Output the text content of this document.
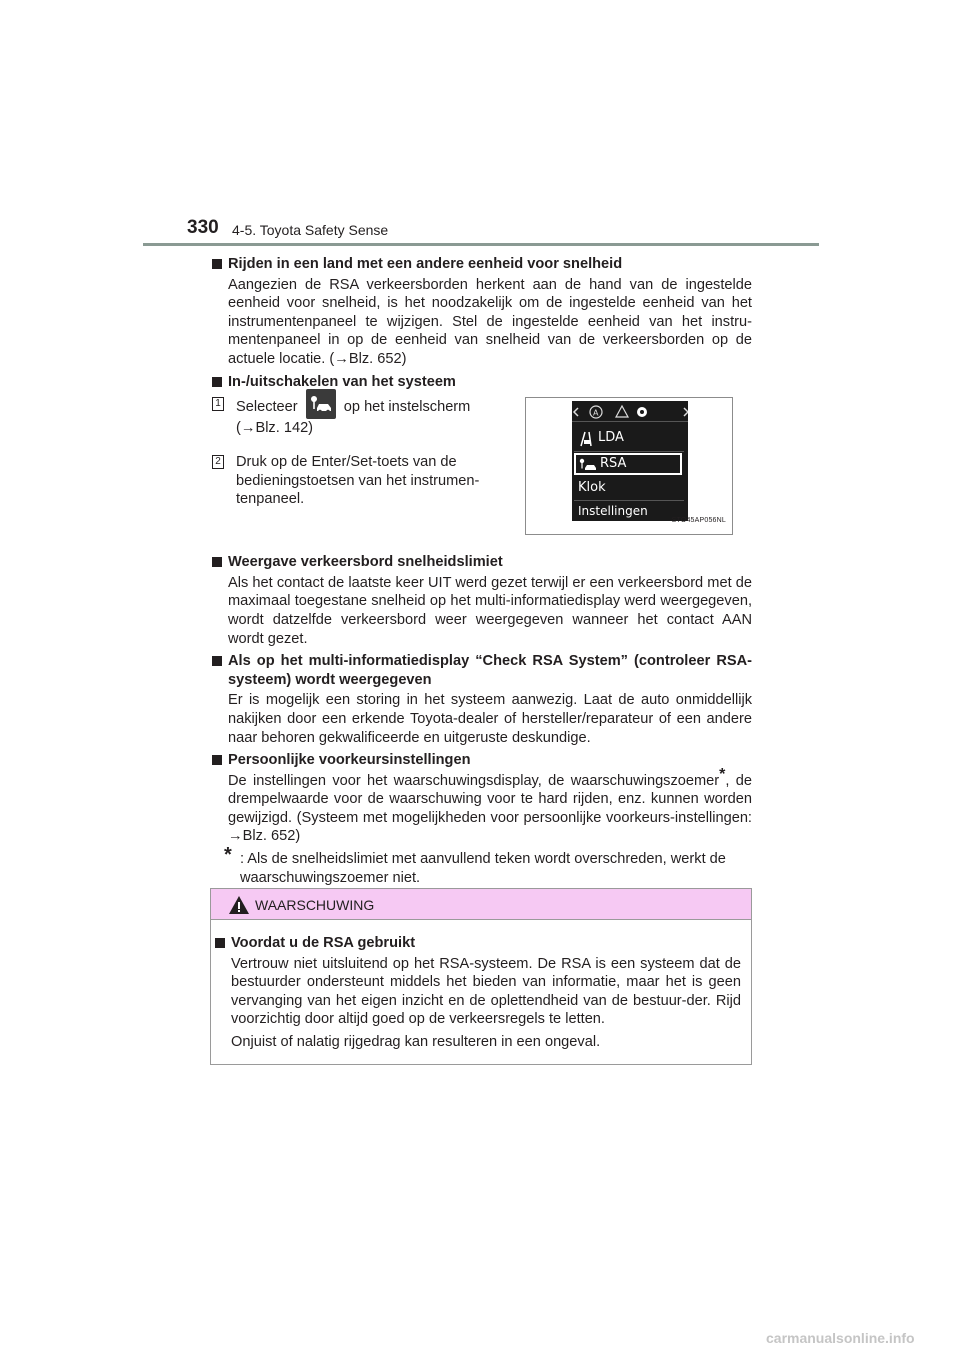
330 4-5. Toyota Safety Sense
Rijden in een land met een andere eenheid voor snelheid

Aangezien de RSA verkeersborden herkent aan de hand van de ingestelde eenheid voor snelheid, is het noodzakelijk om de ingestelde eenheid van het instrumentenpaneel te wijzigen. Stel de ingestelde eenheid van het instru-mentenpaneel in op de eenheid van snelheid van de verkeersborden op de actuele locatie. (→Blz. 652)

In-/uitschakelen van het systeem
1	Selecteer	op het instelscherm
(→Blz. 142)
2	Druk op de Enter/Set-toets van de bedieningstoetsen van het instrumen-tenpaneel.
Weergave verkeersbord snelheidslimiet

Als het contact de laatste keer UIT werd gezet terwijl er een verkeersbord met de maximaal toegestane snelheid op het multi-informatiedisplay werd weergegeven, wordt datzelfde verkeersbord weer weergegeven wanneer het contact AAN wordt gezet.

Als op het multi-informatiedisplay “Check RSA System” (controleer RSA-systeem) wordt weergegeven

Er is mogelijk een storing in het systeem aanwezig. Laat de auto onmiddellijk nakijken door een erkende Toyota-dealer of hersteller/reparateur of een andere naar behoren gekwalificeerde en uitgeruste deskundige.

Persoonlijke voorkeursinstellingen

De instellingen voor het waarschuwingsdisplay, de waarschuwingszoemer*, de drempelwaarde voor de waarschuwing voor te hard rijden, enz. kunnen worden gewijzigd. (Systeem met mogelijkheden voor persoonlijke voorkeurs-instellingen: →Blz. 652)

* : Als de snelheidslimiet met aanvullend teken wordt overschreden, werkt de waarschuwingszoemer niet.
A
LDA
RSA
Klok
Instellingen
STO45AP056NL
WAARSCHUWING
Voordat u de RSA gebruikt

Vertrouw niet uitsluitend op het RSA-systeem. De RSA is een systeem dat de bestuurder ondersteunt middels het bieden van informatie, maar het is geen vervanging van het eigen inzicht en de oplettendheid van de bestuur-der. Rijd voorzichtig door altijd goed op de verkeersregels te letten.

Onjuist of nalatig rijgedrag kan resulteren in een ongeval.

carmanualsonline.info
